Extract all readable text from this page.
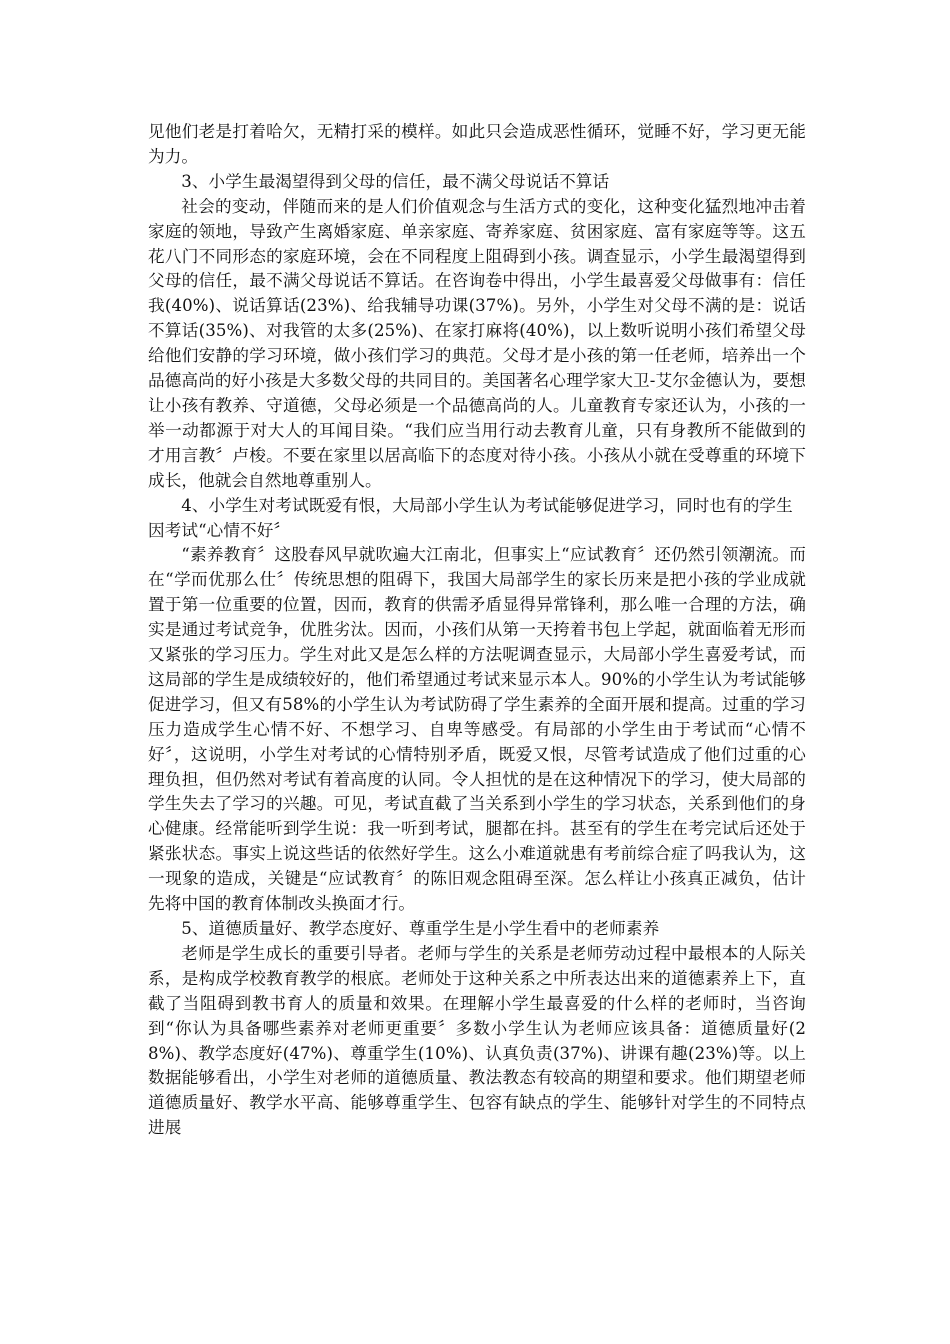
见他们老是打着哈欠，无精打采的模样。如此只会造成恶性循环，觉睡不好，学习更无能为力。

3、小学生最渴望得到父母的信任，最不满父母说话不算话

社会的变动，伴随而来的是人们价值观念与生活方式的变化，这种变化猛烈地冲击着家庭的领地，导致产生离婚家庭、单亲家庭、寄养家庭、贫困家庭、富有家庭等等。这五花八门不同形态的家庭环境，会在不同程度上阻碍到小孩。调查显示，小学生最渴望得到父母的信任，最不满父母说话不算话。在咨询卷中得出，小学生最喜爱父母做事有：信任我(40%)、说话算话(23%)、给我辅导功课(37%)。另外，小学生对父母不满的是：说话不算话(35%)、对我管的太多(25%)、在家打麻将(40%)，以上数听说明小孩们希望父母给他们安静的学习环境，做小孩们学习的典范。父母才是小孩的第一任老师，培养出一个品德高尚的好小孩是大多数父母的共同目的。美国著名心理学家大卫-艾尔金德认为，要想让小孩有教养、守道德，父母必须是一个品德高尚的人。儿童教育专家还认为，小孩的一举一动都源于对大人的耳闻目染。“我们应当用行动去教育儿童，只有身教所不能做到的才用言教〞卢梭。不要在家里以居高临下的态度对待小孩。小孩从小就在受尊重的环境下成长，他就会自然地尊重别人。

4、小学生对考试既爱有恨，大局部小学生认为考试能够促进学习，同时也有的学生因考试“心情不好〞

“素养教育〞这股春风早就吹遍大江南北，但事实上“应试教育〞还仍然引领潮流。而在“学而优那么仕〞传统思想的阻碍下，我国大局部学生的家长历来是把小孩的学业成就置于第一位重要的位置，因而，教育的供需矛盾显得异常锋利，那么唯一合理的方法，确实是通过考试竞争，优胜劣汰。因而，小孩们从第一天挎着书包上学起，就面临着无形而又紧张的学习压力。学生对此又是怎么样的方法呢调查显示，大局部小学生喜爱考试，而这局部的学生是成绩较好的，他们希望通过考试来显示本人。90%的小学生认为考试能够促进学习，但又有58%的小学生认为考试防碍了学生素养的全面开展和提高。过重的学习压力造成学生心情不好、不想学习、自卑等感受。有局部的小学生由于考试而“心情不好〞，这说明，小学生对考试的心情特别矛盾，既爱又恨，尽管考试造成了他们过重的心理负担，但仍然对考试有着高度的认同。令人担忧的是在这种情况下的学习，使大局部的学生失去了学习的兴趣。可见，考试直截了当关系到小学生的学习状态，关系到他们的身心健康。经常能听到学生说：我一听到考试，腿都在抖。甚至有的学生在考完试后还处于紧张状态。事实上说这些话的依然好学生。这么小难道就患有考前综合症了吗我认为，这一现象的造成，关键是“应试教育〞的陈旧观念阻碍至深。怎么样让小孩真正减负，估计先将中国的教育体制改头换面才行。

5、道德质量好、教学态度好、尊重学生是小学生看中的老师素养

老师是学生成长的重要引导者。老师与学生的关系是老师劳动过程中最根本的人际关系，是构成学校教育教学的根底。老师处于这种关系之中所表达出来的道德素养上下，直截了当阻碍到教书育人的质量和效果。在理解小学生最喜爱的什么样的老师时，当咨询到“你认为具备哪些素养对老师更重要〞多数小学生认为老师应该具备：道德质量好(28%)、教学态度好(47%)、尊重学生(10%)、认真负责(37%)、讲课有趣(23%)等。以上数据能够看出，小学生对老师的道德质量、教法教态有较高的期望和要求。他们期望老师道德质量好、教学水平高、能够尊重学生、包容有缺点的学生、能够针对学生的不同特点进展
